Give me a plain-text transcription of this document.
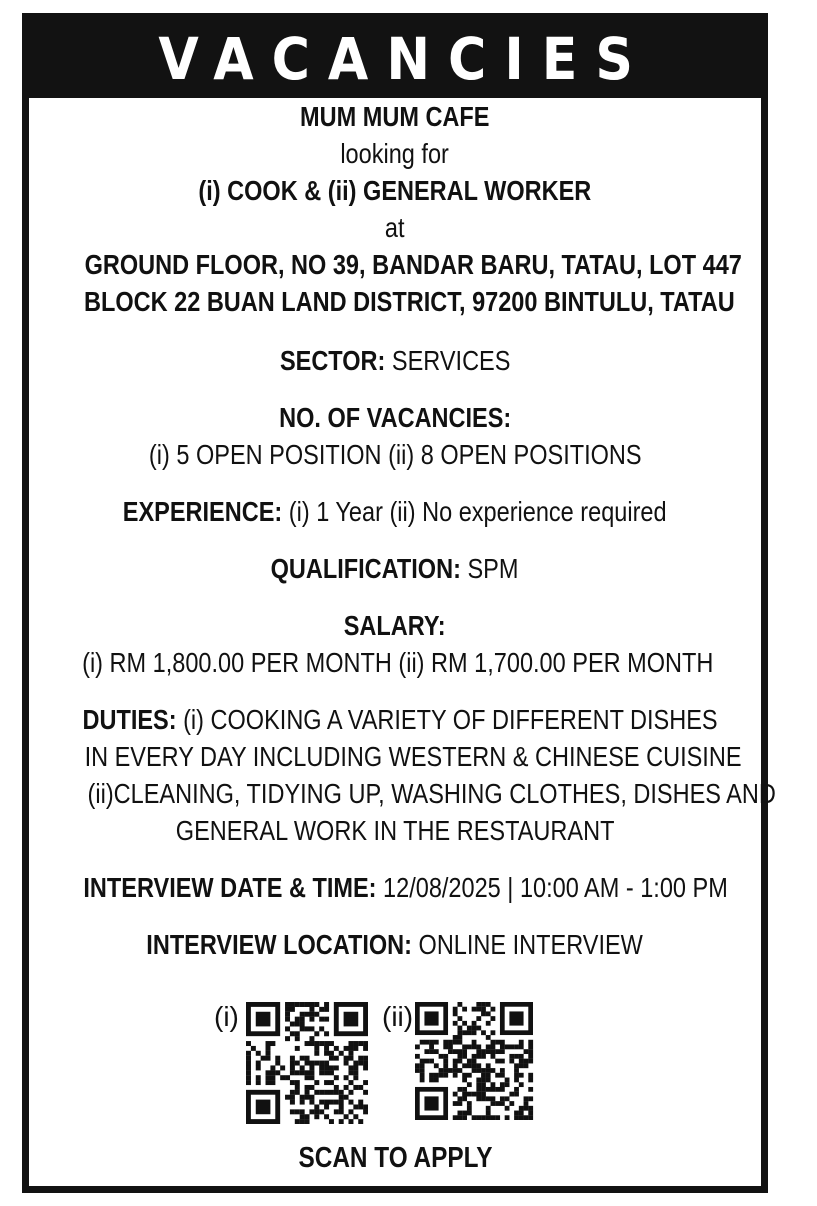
VACANCIES
MUM MUM CAFE
looking for
(i) COOK & (ii) GENERAL WORKER
at
GROUND FLOOR, NO 39, BANDAR BARU, TATAU, LOT 447
BLOCK 22 BUAN LAND DISTRICT, 97200 BINTULU, TATAU
SECTOR: SERVICES
NO. OF VACANCIES:
(i) 5 OPEN POSITION (ii) 8 OPEN POSITIONS
EXPERIENCE: (i) 1 Year (ii) No experience required
QUALIFICATION: SPM
SALARY:
(i) RM 1,800.00 PER MONTH (ii) RM 1,700.00 PER MONTH
DUTIES: (i) COOKING A VARIETY OF DIFFERENT DISHES
IN EVERY DAY INCLUDING WESTERN & CHINESE CUISINE
(ii)CLEANING, TIDYING UP, WASHING CLOTHES, DISHES AND
GENERAL WORK IN THE RESTAURANT
INTERVIEW DATE & TIME: 12/08/2025 | 10:00 AM - 1:00 PM
INTERVIEW LOCATION: ONLINE INTERVIEW
(i)	(ii)
SCAN TO APPLY
